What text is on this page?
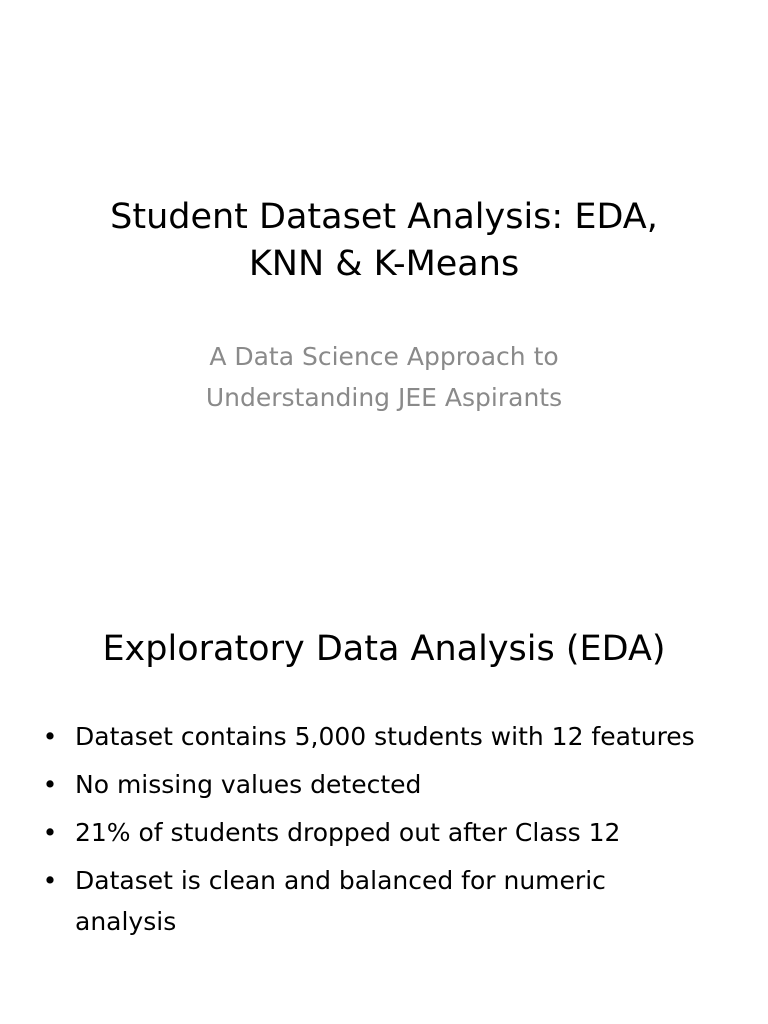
Student Dataset Analysis: EDA,
KNN & K-Means

A Data Science Approach to
Understanding JEE Aspirants

Exploratory Data Analysis (EDA)
• Dataset contains 5,000 students with 12 features
• No missing values detected
• 21% of students dropped out after Class 12
• Dataset is clean and balanced for numeric analysis
